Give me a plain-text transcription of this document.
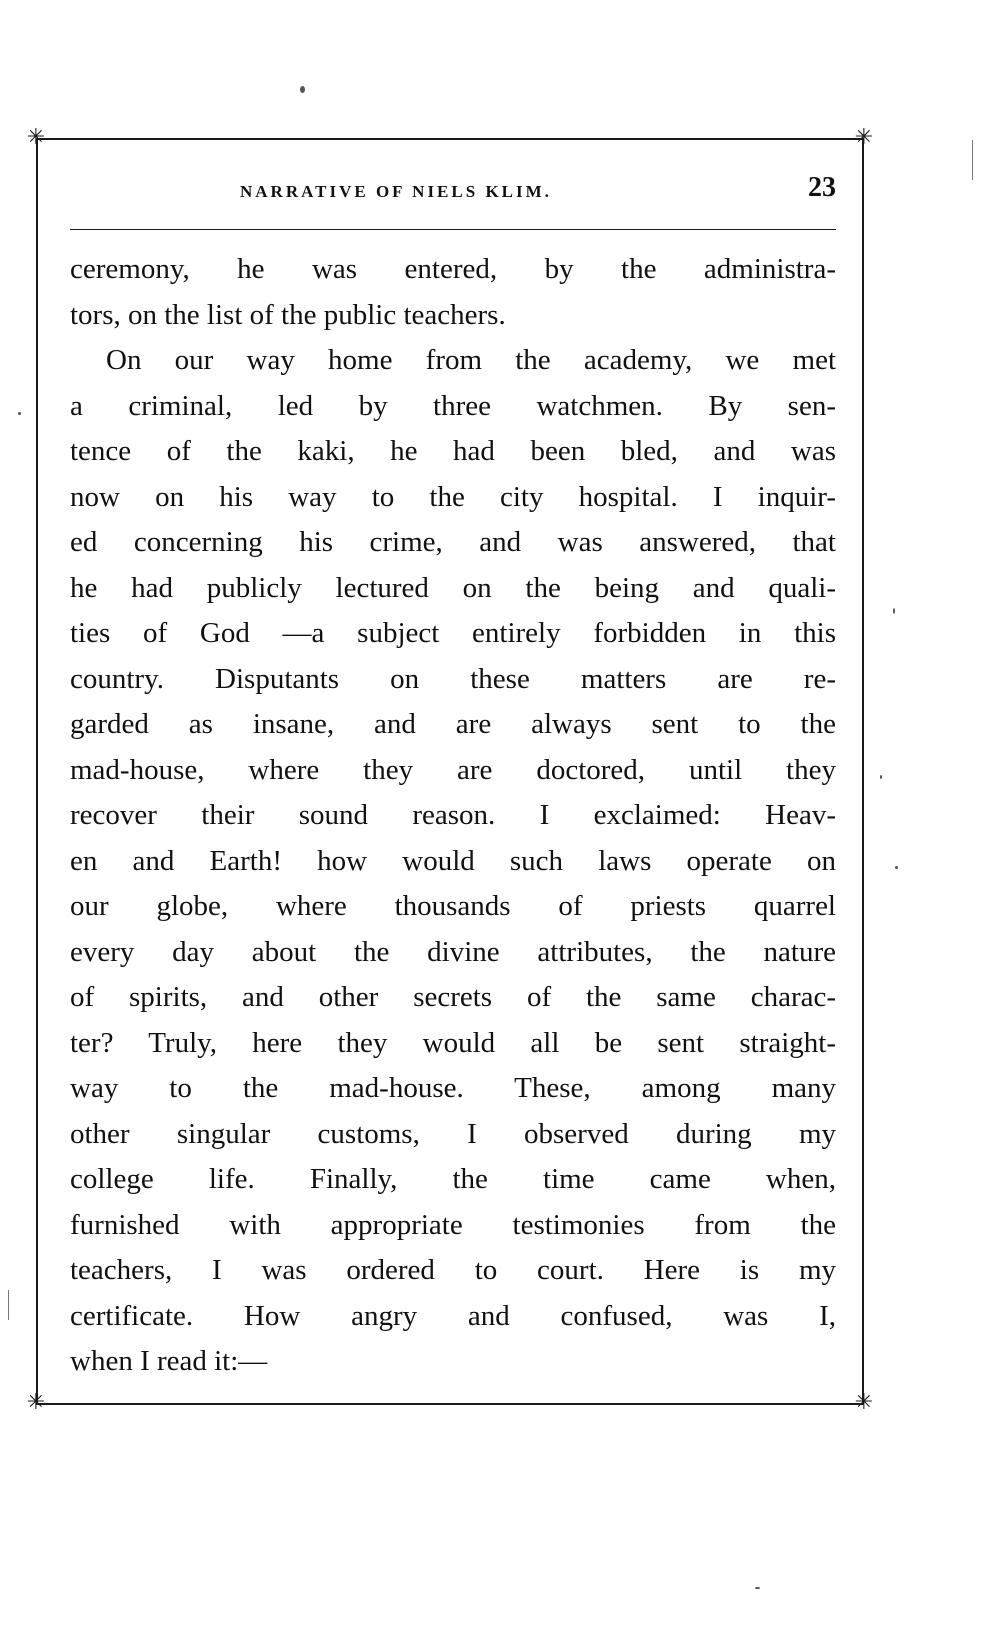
✳	✳
✳	✳
NARRATIVE OF NIELS KLIM.	23
ceremony, he was entered, by the administra-
tors, on the list of the public teachers.
On our way home from the academy, we met
a criminal, led by three watchmen. By sen-
tence of the kaki, he had been bled, and was
now on his way to the city hospital. I inquir-
ed concerning his crime, and was answered, that
he had publicly lectured on the being and quali-
ties of God —a subject entirely forbidden in this
country. Disputants on these matters are re-
garded as insane, and are always sent to the
mad-house, where they are doctored, until they
recover their sound reason. I exclaimed: Heav-
en and Earth! how would such laws operate on
our globe, where thousands of priests quarrel
every day about the divine attributes, the nature
of spirits, and other secrets of the same charac-
ter? Truly, here they would all be sent straight-
way to the mad-house. These, among many
other singular customs, I observed during my
college life. Finally, the time came when,
furnished with appropriate testimonies from the
teachers, I was ordered to court. Here is my
certificate. How angry and confused, was I,
when I read it:—
